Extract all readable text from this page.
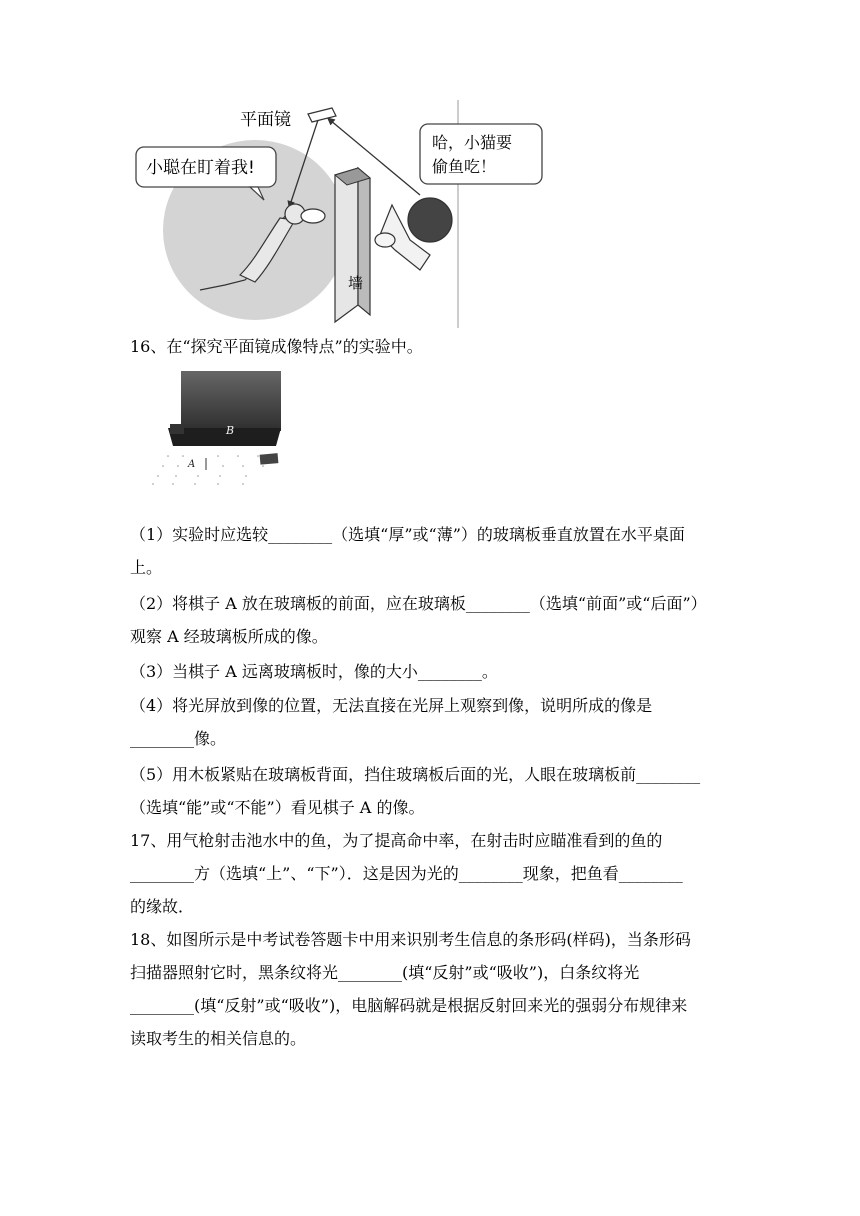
平面镜
小聪在盯着我!
哈，小猫要
偷鱼吃！
墙
16、在“探究平面镜成像特点”的实验中。
B
A
（1）实验时应选较________（选填“厚”或“薄”）的玻璃板垂直放置在水平桌面
上。
（2）将棋子 A 放在玻璃板的前面，应在玻璃板________（选填“前面”或“后面”）
观察 A 经玻璃板所成的像。
（3）当棋子 A 远离玻璃板时，像的大小________。
（4）将光屏放到像的位置，无法直接在光屏上观察到像，说明所成的像是
________像。
（5）用木板紧贴在玻璃板背面，挡住玻璃板后面的光，人眼在玻璃板前________
（选填“能”或“不能”）看见棋子 A 的像。
17、用气枪射击池水中的鱼，为了提高命中率，在射击时应瞄准看到的鱼的
________方（选填“上”、“下”）．这是因为光的________现象，把鱼看________
的缘故．
18、如图所示是中考试卷答题卡中用来识别考生信息的条形码(样码)，当条形码
扫描器照射它时，黑条纹将光________(填“反射”或“吸收”)，白条纹将光
________(填“反射”或“吸收”)，电脑解码就是根据反射回来光的强弱分布规律来
读取考生的相关信息的。
